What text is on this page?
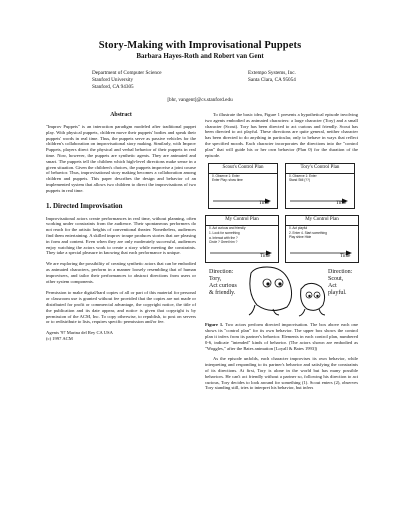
Story-Making with Improvisational Puppets
Barbara Hayes-Roth and Robert van Gent
Department of Computer Science
Stanford University
Stanford, CA 94305
Extempo Systems, Inc.
Santa Clara, CA 95054
[bhr, vangent]@cs.stanford.edu
Abstract

"Improv Puppets" is an interaction paradigm modeled after traditional puppet play. With physical puppets, children move their puppets' bodies and speak their puppets' words in real time. Thus, the puppets serve as passive vehicles for the children's collaboration on improvisational story making. Similarly, with Improv Puppets, players direct the physical and verbal behavior of their puppets in real time. Now, however, the puppets are synthetic agents. They are animated and smart. The puppets tell the children which high-level directions make sense in a given situation. Given the children's choices, the puppets improvise a joint course of behavior. Thus, improvisational story making becomes a collaboration among children and puppets. This paper describes the design and behavior of an implemented system that allows two children to direct the improvisations of two puppets in real time.

1. Directed Improvisation

Improvisational actors create performances in real time, without planning, often working under constraints from the audience. Their spontaneous performers do not reach for the artistic heights of conventional theater. Nonetheless, audiences find them entertaining. A skilled improv troupe produces stories that are pleasing in form and content. Even when they are only moderately successful, audiences enjoy watching the actors work to create a story while meeting the constraints. They take a special pleasure in knowing that each performance is unique.

We are exploring the possibility of creating synthetic actors that can be embodied as animated characters, perform in a manner loosely resembling that of human improvisers, and tailor their performances to abstract directions from users or other system components.

Permission to make digital/hard copies of all or part of this material for personal or classroom use is granted without fee provided that the copies are not made or distributed for profit or commercial advantage, the copyright notice, the title of the publication and its date appear, and notice is given that copyright is by permission of the ACM, Inc. To copy otherwise, to republish, to post on servers or to redistribute to lists, requires specific permission and/or fee.

Agents '97 Marina del Rey CA USA
(c) 1997 ACM

To illustrate the basic idea, Figure 1 presents a hypothetical episode involving two agents embodied as animated characters: a large character (Tory) and a small character (Scout). Tory has been directed to act curious and friendly. Scout has been directed to act playful. These directions are quite general, neither character has been directed to do anything in particular, only to behave in ways that reflect the specified moods. Each character incorporates the directions into the "control plan" that will guide his or her own behavior (Plan 0) for the duration of the episode.

Scout's Control Plan
0. Observe 1: Enter
Enter Play: show time
Time
Tory's Control Plan
0. Observe 1: Enter
Stand Still (??)
Time
My Control Plan
0. Act curious and friendly
1. Look for something
a. Interact with the ?
Circle ? Greet him ?
Time
My Control Plan
0. Act playful
2. Enter 4. Start something
Play shine Hide
Time
Direction:
Tory,
Act curious
& friendly.
Direction:
Scout,
Act
playful.

Figure 1. Two actors perform directed improvisation. The box above each one shows its "control plan" for its own behavior. The upper box shows the control plan it infers from its partner's behavior. Elements in each control plan, numbered 0-6, indicate "intended" kinds of behavior. (The actors shown are embodied as "Woggles," after the Bates animation [Loyall & Bates 1993])

As the episode unfolds, each character improvises its own behavior, while interpreting and responding to its partner's behavior and satisfying the constraints of its directions. At first, Tory is alone in the world but has many possible behaviors. He can't act friendly without a partner so, following his direction to act curious, Tory decides to look around for something (1). Scout enters (2), observes Tory standing still, tries to interpret his behavior, but infers
